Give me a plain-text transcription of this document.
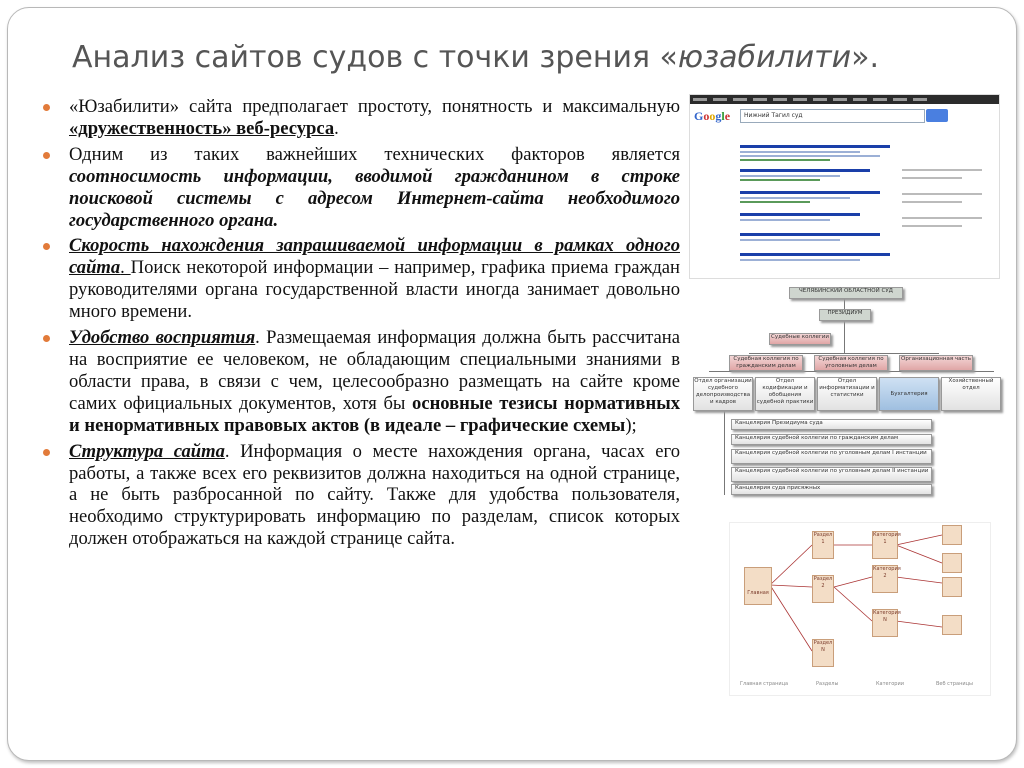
Анализ сайтов судов с точки зрения «юзабилити».
«Юзабилити» сайта предполагает простоту, понятность и максимальную «дружественность» веб-ресурса.
Одним из таких важнейших технических факторов является соотносимость информации, вводимой гражданином в строке поисковой системы с адресом Интернет-сайта необходимого государственного органа.
Скорость нахождения запрашиваемой информации в рамках одного сайта. Поиск некоторой информации – например, графика приема граждан руководителями органа государственной власти иногда занимает довольно много времени.
Удобство восприятия. Размещаемая информация должна быть рассчитана на восприятие ее человеком, не обладающим специальными знаниями в области права, в связи с чем, целесообразно размещать на сайте кроме самих официальных документов, хотя бы основные тезисы нормативных и ненормативных правовых актов (в идеале – графические схемы);
Структура сайта. Информация о месте нахождения органа, часах его работы, а также всех его реквизитов должна находиться на одной странице, а не быть разбросанной по сайту. Также для удобства пользователя, необходимо структурировать информацию по разделам, список которых должен отображаться на каждой странице сайта.
Google	Нижний Тагил суд
ЧЕЛЯБИНСКИЙ ОБЛАСТНОЙ СУД
ПРЕЗИДИУМ
Судебные коллегии
Судебная коллегия по гражданским делам
Судебная коллегия по уголовным делам
Организационная часть
Отдел организации судебного делопроизводства и кадров
Отдел кодификации и обобщения судебной практики
Отдел информатизации и статистики	Бухгалтерия
Хозяйственный отдел
Канцелярия Президиума суда
Канцелярия судебной коллегии по гражданским делам
Канцелярия судебной коллегии по уголовным делам I инстанции
Канцелярия судебной коллегии по уголовным делам II инстанции
Канцелярия суда присяжных
Главная
Раздел 1
Раздел 2
Раздел N
Категория 1
Категория 2
Категория N
Главная страница	Разделы	Категории	Веб страницы
